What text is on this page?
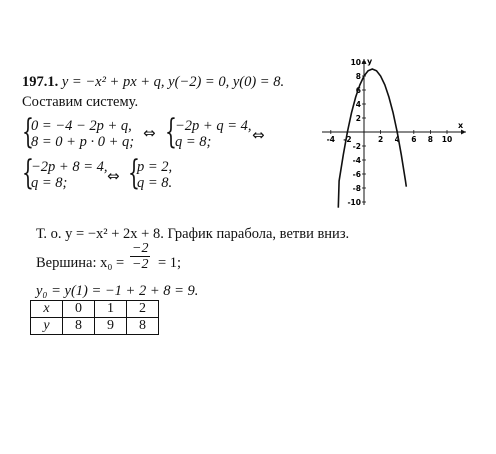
197.1. y = −x² + px + q, y(−2) = 0, y(0) = 8.
Составим систему.
{
0 = −4 − 2p + q,
8 = 0 + p · 0 + q; ⇔ {
−2p + q = 4,
q = 8;	⇔
{
−2p + 8 = 4,
q = 8;	⇔ {
p = 2,
q = 8.
Т. о. y = −x² + 2x + 8. График парабола, ветви вниз.
Вершина: $x_0 = \frac{-2}{-2} = 1$;
y₀ = y(1) = −1 + 2 + 8 = 9.
x	0	1	2
y	8	9	8
-4 -2	2 4 6 8 10
10
8
6
4
2
-2
-4
-6
-8
-10
x
y
